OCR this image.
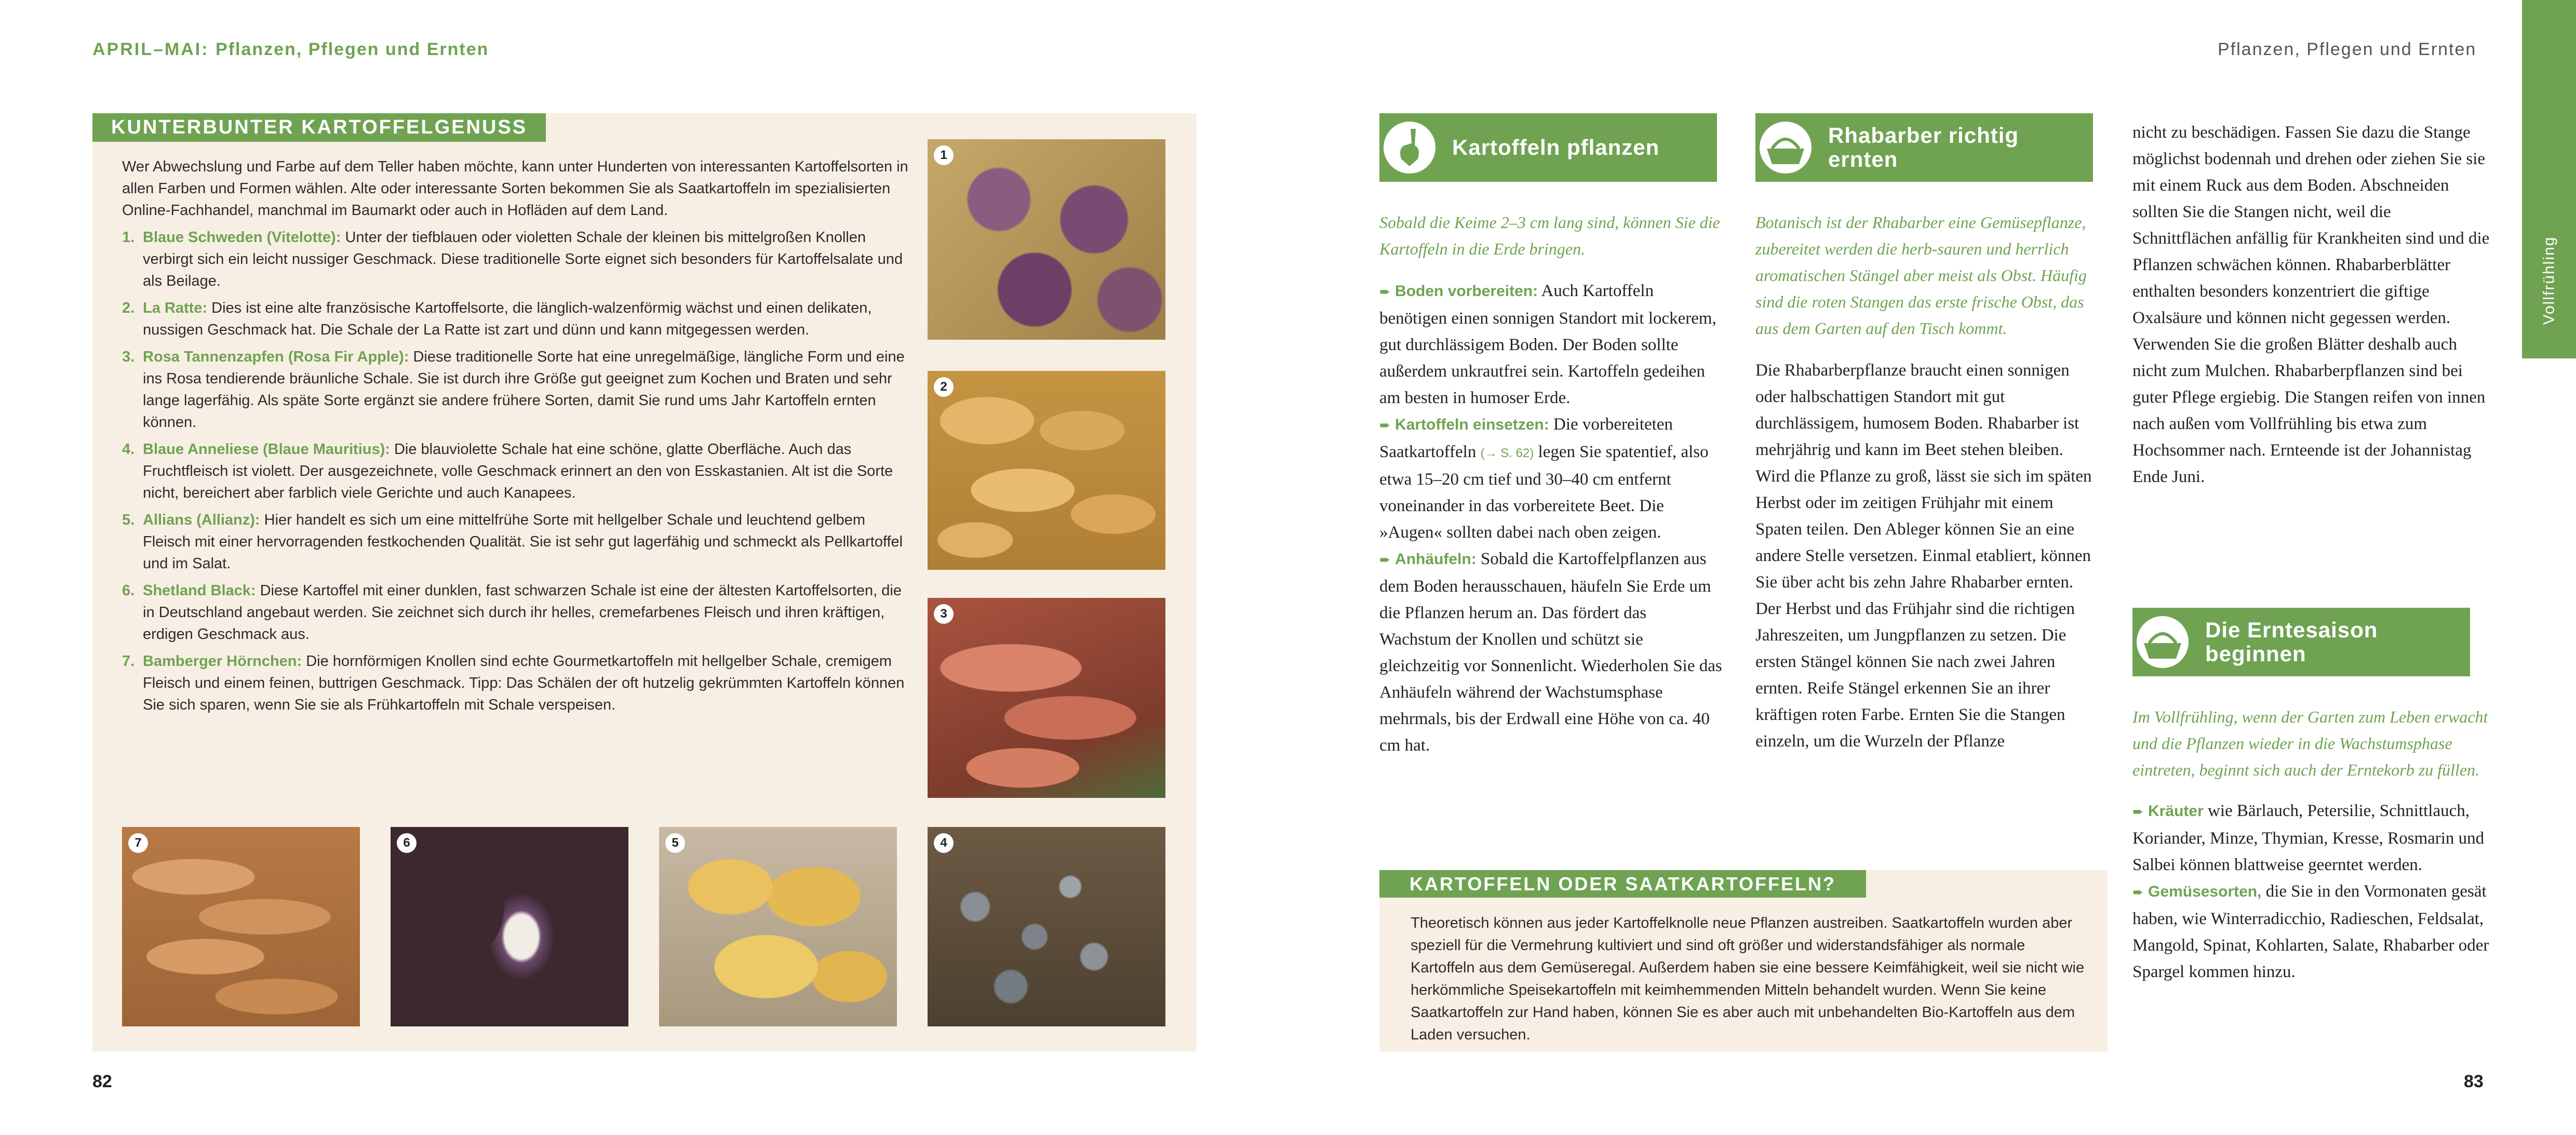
APRIL–MAI: Pflanzen, Pflegen und Ernten
KUNTERBUNTER KARTOFFELGENUSS
Wer Abwechslung und Farbe auf dem Teller haben möchte, kann unter Hunderten von interessanten Kartoffelsorten in allen Farben und Formen wählen. Alte oder interessante Sorten bekommen Sie als Saatkartoffeln im spezialisierten Online-Fachhandel, manchmal im Baumarkt oder auch in Hofläden auf dem Land.
1. Blaue Schweden (Vitelotte): Unter der tiefblauen oder violetten Schale der kleinen bis mittelgroßen Knollen verbirgt sich ein leicht nussiger Geschmack. Diese traditionelle Sorte eignet sich besonders für Kartoffelsalate und als Beilage.
2. La Ratte: Dies ist eine alte französische Kartoffelsorte, die länglich-walzenförmig wächst und einen delikaten, nussigen Geschmack hat. Die Schale der La Ratte ist zart und dünn und kann mitgegessen werden.
3. Rosa Tannenzapfen (Rosa Fir Apple): Diese traditionelle Sorte hat eine unregelmäßige, längliche Form und eine ins Rosa tendierende bräunliche Schale. Sie ist durch ihre Größe gut geeignet zum Kochen und Braten und sehr lange lagerfähig. Als späte Sorte ergänzt sie andere frühere Sorten, damit Sie rund ums Jahr Kartoffeln ernten können.
4. Blaue Anneliese (Blaue Mauritius): Die blauviolette Schale hat eine schöne, glatte Oberfläche. Auch das Fruchtfleisch ist violett. Der ausgezeichnete, volle Geschmack erinnert an den von Esskastanien. Alt ist die Sorte nicht, bereichert aber farblich viele Gerichte und auch Kanapees.
5. Allians (Allianz): Hier handelt es sich um eine mittelfrühe Sorte mit hellgelber Schale und leuchtend gelbem Fleisch mit einer hervorragenden festkochenden Qualität. Sie ist sehr gut lagerfähig und schmeckt als Pellkartoffel und im Salat.
6. Shetland Black: Diese Kartoffel mit einer dunklen, fast schwarzen Schale ist eine der ältesten Kartoffelsorten, die in Deutschland angebaut werden. Sie zeichnet sich durch ihr helles, cremefarbenes Fleisch und ihren kräftigen, erdigen Geschmack aus.
7. Bamberger Hörnchen: Die hornförmigen Knollen sind echte Gourmetkartoffeln mit hellgelber Schale, cremigem Fleisch und einem feinen, buttrigen Geschmack. Tipp: Das Schälen der oft hutzelig gekrümmten Kartoffeln können Sie sich sparen, wenn Sie sie als Frühkartoffeln mit Schale verspeisen.
1
2
3
7	6	5	4
82
Pflanzen, Pflegen und Ernten
Vollfrühling
Kartoffeln pflanzen
Sobald die Keime 2–3 cm lang sind, können Sie die Kartoffeln in die Erde bringen.
➨ Boden vorbereiten: Auch Kartoffeln benötigen einen sonnigen Standort mit lockerem, gut durchlässigem Boden. Der Boden sollte außerdem unkrautfrei sein. Kartoffeln gedeihen am besten in humoser Erde.
➨ Kartoffeln einsetzen: Die vorbereiteten Saatkartoffeln (→ S. 62) legen Sie spatentief, also etwa 15–20 cm tief und 30–40 cm entfernt voneinander in das vorbereitete Beet. Die »Augen« sollten dabei nach oben zeigen.
➨ Anhäufeln: Sobald die Kartoffelpflanzen aus dem Boden herausschauen, häufeln Sie Erde um die Pflanzen herum an. Das fördert das Wachstum der Knollen und schützt sie gleichzeitig vor Sonnenlicht. Wiederholen Sie das Anhäufeln während der Wachstumsphase mehrmals, bis der Erdwall eine Höhe von ca. 40 cm hat.
Rhabarber richtig
ernten
Botanisch ist der Rhabarber eine Gemüsepflanze, zubereitet werden die herb-sauren und herrlich aromatischen Stängel aber meist als Obst. Häufig sind die roten Stangen das erste frische Obst, das aus dem Garten auf den Tisch kommt.
Die Rhabarberpflanze braucht einen sonnigen oder halbschattigen Standort mit gut durchlässigem, humosem Boden. Rhabarber ist mehrjährig und kann im Beet stehen bleiben. Wird die Pflanze zu groß, lässt sie sich im späten Herbst oder im zeitigen Frühjahr mit einem Spaten teilen. Den Ableger können Sie an eine andere Stelle versetzen. Einmal etabliert, können Sie über acht bis zehn Jahre Rhabarber ernten. Der Herbst und das Frühjahr sind die richtigen Jahreszeiten, um Jungpflanzen zu setzen. Die ersten Stängel können Sie nach zwei Jahren ernten. Reife Stängel erkennen Sie an ihrer kräftigen roten Farbe. Ernten Sie die Stangen einzeln, um die Wurzeln der Pflanze
nicht zu beschädigen. Fassen Sie dazu die Stange möglichst bodennah und drehen oder ziehen Sie sie mit einem Ruck aus dem Boden. Abschneiden sollten Sie die Stangen nicht, weil die Schnittflächen anfällig für Krankheiten sind und die Pflanzen schwächen können. Rhabarberblätter enthalten besonders konzentriert die giftige Oxalsäure und können nicht gegessen werden. Verwenden Sie die großen Blätter deshalb auch nicht zum Mulchen. Rhabarberpflanzen sind bei guter Pflege ergiebig. Die Stangen reifen von innen nach außen vom Vollfrühling bis etwa zum Hochsommer nach. Ernteende ist der Johannistag Ende Juni.
Die Erntesaison
beginnen
Im Vollfrühling, wenn der Garten zum Leben erwacht und die Pflanzen wieder in die Wachstumsphase eintreten, beginnt sich auch der Erntekorb zu füllen.
➨ Kräuter wie Bärlauch, Petersilie, Schnittlauch, Koriander, Minze, Thymian, Kresse, Rosmarin und Salbei können blattweise geerntet werden.
➨ Gemüsesorten, die Sie in den Vormonaten gesät haben, wie Winterradicchio, Radieschen, Feldsalat, Mangold, Spinat, Kohlarten, Salate, Rhabarber oder Spargel kommen hinzu.
KARTOFFELN ODER SAATKARTOFFELN?
Theoretisch können aus jeder Kartoffelknolle neue Pflanzen austreiben. Saatkartoffeln wurden aber speziell für die Vermehrung kultiviert und sind oft größer und widerstandsfähiger als normale Kartoffeln aus dem Gemüseregal. Außerdem haben sie eine bessere Keimfähigkeit, weil sie nicht wie herkömmliche Speisekartoffeln mit keimhemmenden Mitteln behandelt wurden. Wenn Sie keine Saatkartoffeln zur Hand haben, können Sie es aber auch mit unbehandelten Bio-Kartoffeln aus dem Laden versuchen.
83
